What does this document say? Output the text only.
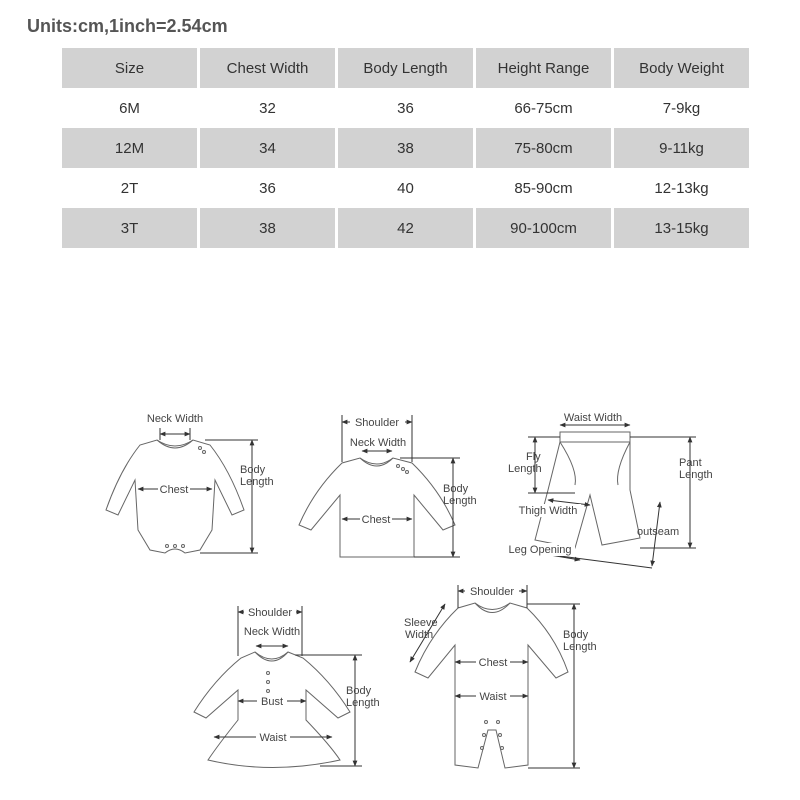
Units:cm,1inch=2.54cm
Size	Chest Width	Body Length	Height Range	Body Weight
6M	32	36	66-75cm	7-9kg
12M	34	38	75-80cm	9-11kg
2T	36	40	85-90cm	12-13kg
3T	38	42	90-100cm	13-15kg
Neck Width
Chest
Body
Length
Shoulder
Neck Width
Chest
Body
Length
Waist Width
Fly
Length	Pant
Length
Thigh Width
outseam
Leg Opening
Shoulder
Neck Width
Bust
Waist
Body
Length
Shoulder
Sleeve
Width
Chest
Waist
Body
Length
